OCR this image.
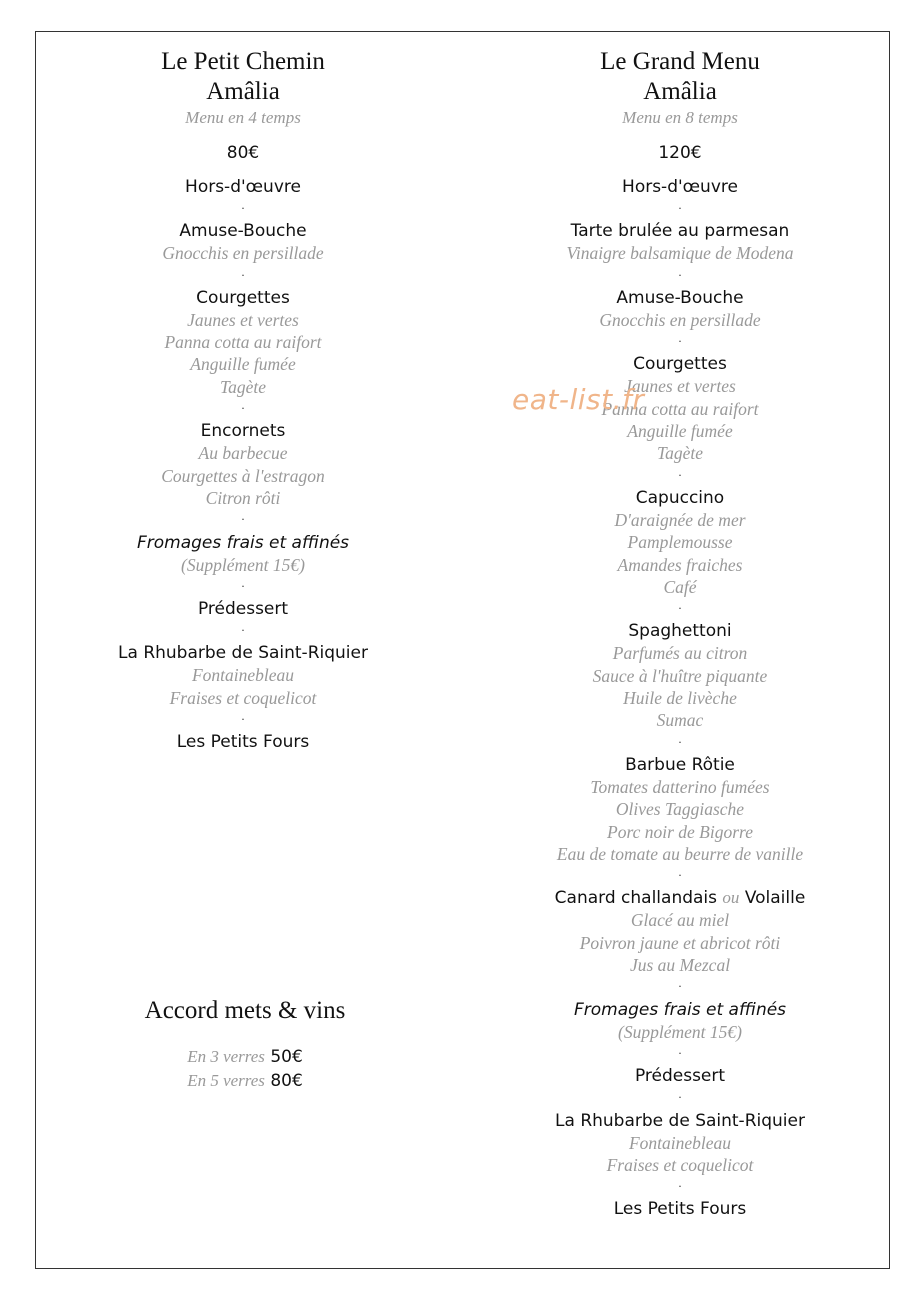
Le Petit Chemin
Amâlia
Menu en 4 temps
80€
Hors-d'œuvre
·
Amuse-Bouche
Gnocchis en persillade
·
Courgettes
Jaunes et vertes
Panna cotta au raifort
Anguille fumée
Tagète
·
Encornets
Au barbecue
Courgettes à l'estragon
Citron rôti
·
Fromages frais et affinés
(Supplément 15€)
·
Prédessert
·
La Rhubarbe de Saint-Riquier
Fontainebleau
Fraises et coquelicot
·
Les Petits Fours
Le Grand Menu
Amâlia
Menu en 8 temps
120€
Hors-d'œuvre
·
Tarte brulée au parmesan
Vinaigre balsamique de Modena
·
Amuse-Bouche
Gnocchis en persillade
·
Courgettes
Jaunes et vertes
Panna cotta au raifort
Anguille fumée
Tagète
·
Capuccino
D'araignée de mer
Pamplemousse
Amandes fraiches
Café
·
Spaghettoni
Parfumés au citron
Sauce à l'huître piquante
Huile de livèche
Sumac
·
Barbue Rôtie
Tomates datterino fumées
Olives Taggiasche
Porc noir de Bigorre
Eau de tomate au beurre de vanille
·
Canard challandais ou Volaille
Glacé au miel
Poivron jaune et abricot rôti
Jus au Mezcal
·
Fromages frais et affinés
(Supplément 15€)
·
Prédessert
·
La Rhubarbe de Saint-Riquier
Fontainebleau
Fraises et coquelicot
·
Les Petits Fours
Accord mets & vins
En 3 verres 50€
En 5 verres 80€
eat-list.fr
